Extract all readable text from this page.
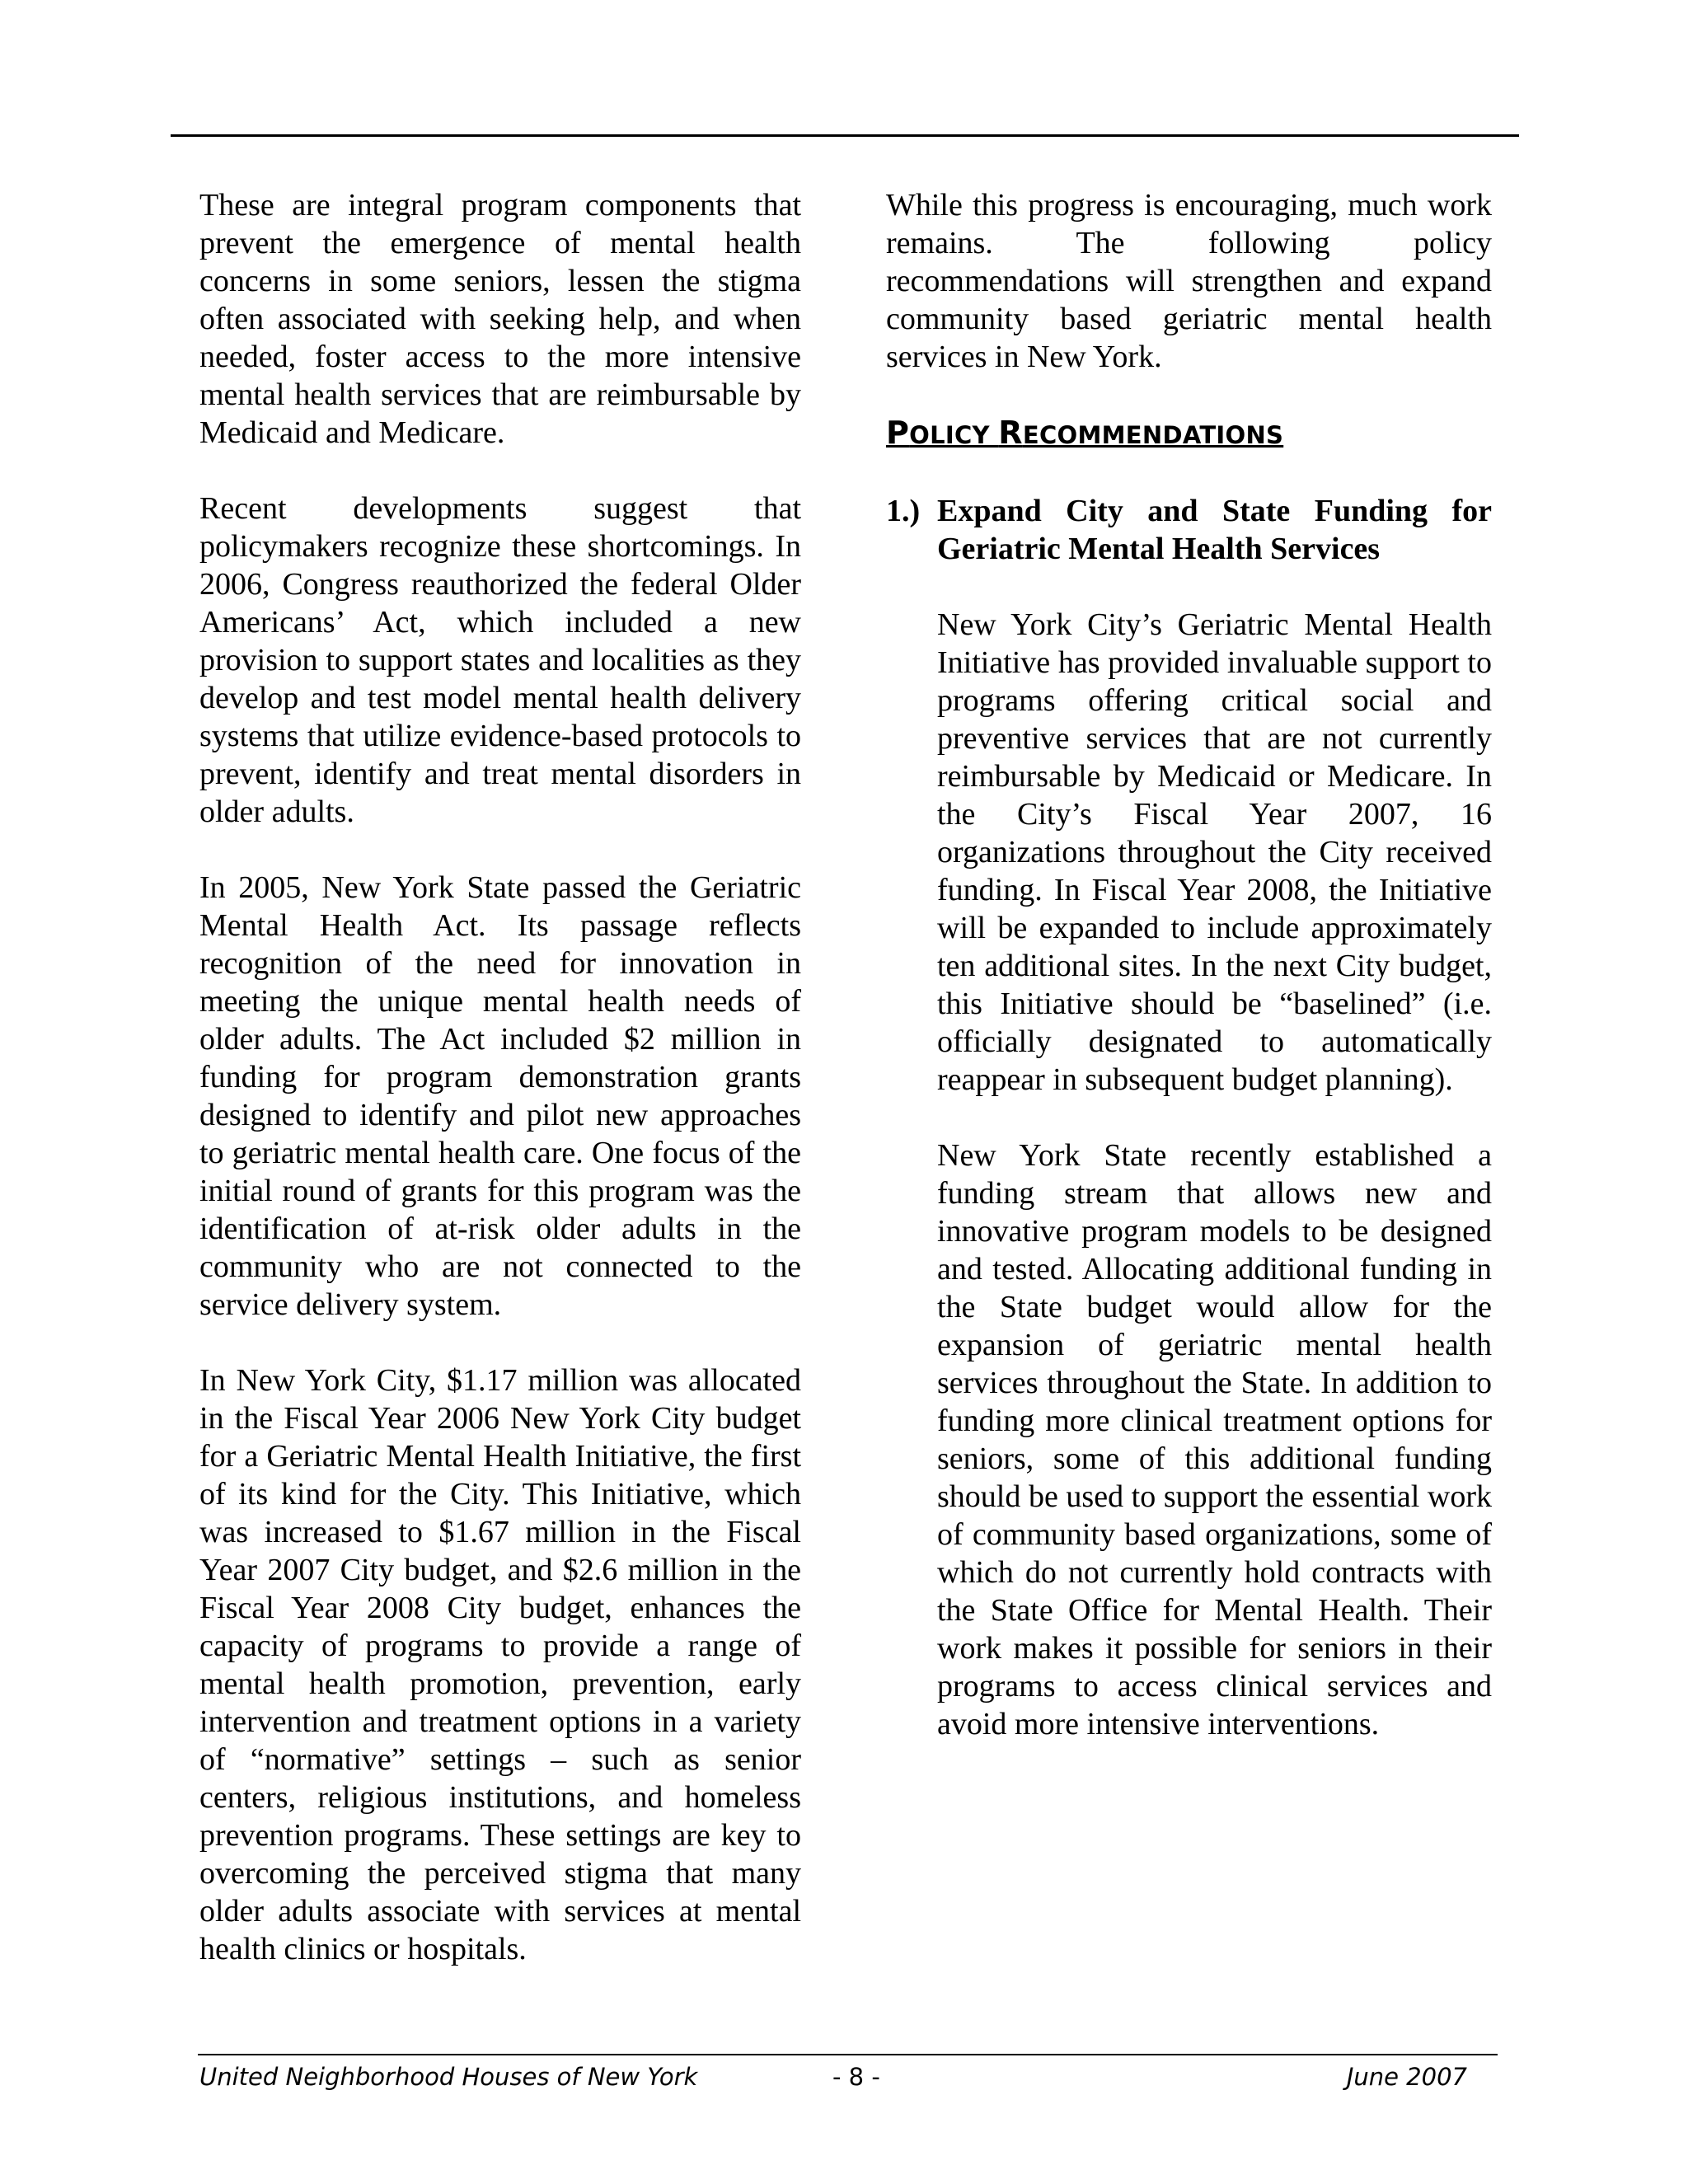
These are integral program components that prevent the emergence of mental health concerns in some seniors, lessen the stigma often associated with seeking help, and when needed, foster access to the more intensive mental health services that are reimbursable by Medicaid and Medicare.

Recent developments suggest that policymakers recognize these shortcomings. In 2006, Congress reauthorized the federal Older Americans’ Act, which included a new provision to support states and localities as they develop and test model mental health delivery systems that utilize evidence-based protocols to prevent, identify and treat mental disorders in older adults.

In 2005, New York State passed the Geriatric Mental Health Act. Its passage reflects recognition of the need for innovation in meeting the unique mental health needs of older adults. The Act included $2 million in funding for program demonstration grants designed to identify and pilot new approaches to geriatric mental health care. One focus of the initial round of grants for this program was the identification of at-risk older adults in the community who are not connected to the service delivery system.

In New York City, $1.17 million was allocated in the Fiscal Year 2006 New York City budget for a Geriatric Mental Health Initiative, the first of its kind for the City. This Initiative, which was increased to $1.67 million in the Fiscal Year 2007 City budget, and $2.6 million in the Fiscal Year 2008 City budget, enhances the capacity of programs to provide a range of mental health promotion, prevention, early intervention and treatment options in a variety of “normative” settings – such as senior centers, religious institutions, and homeless prevention programs. These settings are key to overcoming the perceived stigma that many older adults associate with services at mental health clinics or hospitals.

While this progress is encouraging, much work remains. The following policy recommendations will strengthen and expand community based geriatric mental health services in New York.

POLICY RECOMMENDATIONS
1.) Expand City and State Funding for Geriatric Mental Health Services

New York City’s Geriatric Mental Health Initiative has provided invaluable support to programs offering critical social and preventive services that are not currently reimbursable by Medicaid or Medicare. In the City’s Fiscal Year 2007, 16 organizations throughout the City received funding. In Fiscal Year 2008, the Initiative will be expanded to include approximately ten additional sites. In the next City budget, this Initiative should be “baselined” (i.e. officially designated to automatically reappear in subsequent budget planning).

New York State recently established a funding stream that allows new and innovative program models to be designed and tested. Allocating additional funding in the State budget would allow for the expansion of geriatric mental health services throughout the State. In addition to funding more clinical treatment options for seniors, some of this additional funding should be used to support the essential work of community based organizations, some of which do not currently hold contracts with the State Office for Mental Health. Their work makes it possible for seniors in their programs to access clinical services and avoid more intensive interventions.

United Neighborhood Houses of New York	- 8 -	June 2007
